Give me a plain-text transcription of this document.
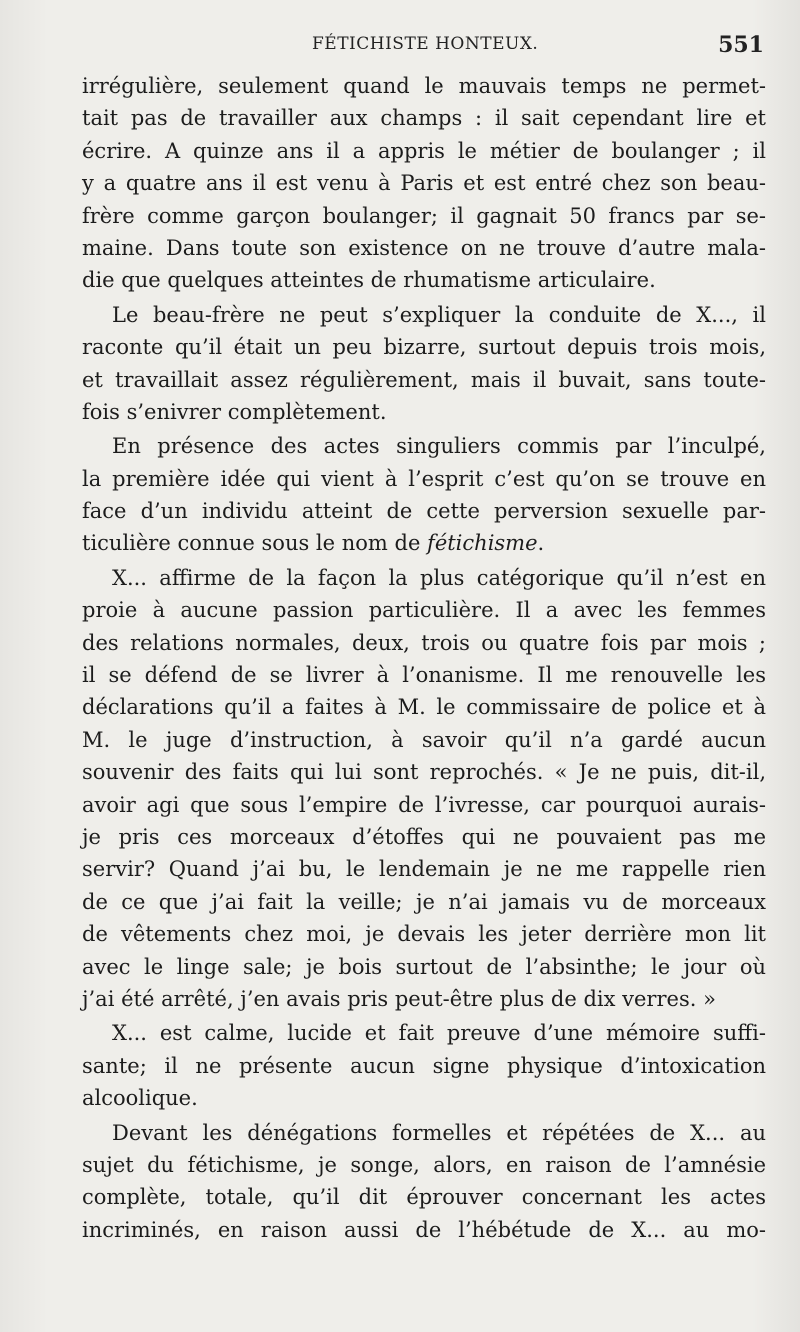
FÉTICHISTE HONTEUX.	551
irrégulière, seulement quand le mauvais temps ne permet-
tait pas de travailler aux champs : il sait cependant lire et
écrire. A quinze ans il a appris le métier de boulanger ; il
y a quatre ans il est venu à Paris et est entré chez son beau-
frère comme garçon boulanger; il gagnait 50 francs par se-
maine. Dans toute son existence on ne trouve d’autre mala-
die que quelques atteintes de rhumatisme articulaire.
Le beau-frère ne peut s’expliquer la conduite de X..., il
raconte qu’il était un peu bizarre, surtout depuis trois mois,
et travaillait assez régulièrement, mais il buvait, sans toute-
fois s’enivrer complètement.
En présence des actes singuliers commis par l’inculpé,
la première idée qui vient à l’esprit c’est qu’on se trouve en
face d’un individu atteint de cette perversion sexuelle par-
ticulière connue sous le nom de fétichisme.
X... affirme de la façon la plus catégorique qu’il n’est en
proie à aucune passion particulière. Il a avec les femmes
des relations normales, deux, trois ou quatre fois par mois ;
il se défend de se livrer à l’onanisme. Il me renouvelle les
déclarations qu’il a faites à M. le commissaire de police et à
M. le juge d’instruction, à savoir qu’il n’a gardé aucun
souvenir des faits qui lui sont reprochés. « Je ne puis, dit-il,
avoir agi que sous l’empire de l’ivresse, car pourquoi aurais-
je pris ces morceaux d’étoffes qui ne pouvaient pas me
servir? Quand j’ai bu, le lendemain je ne me rappelle rien
de ce que j’ai fait la veille; je n’ai jamais vu de morceaux
de vêtements chez moi, je devais les jeter derrière mon lit
avec le linge sale; je bois surtout de l’absinthe; le jour où
j’ai été arrêté, j’en avais pris peut-être plus de dix verres. »
X... est calme, lucide et fait preuve d’une mémoire suffi-
sante; il ne présente aucun signe physique d’intoxication
alcoolique.
Devant les dénégations formelles et répétées de X... au
sujet du fétichisme, je songe, alors, en raison de l’amnésie
complète, totale, qu’il dit éprouver concernant les actes
incriminés, en raison aussi de l’hébétude de X... au mo-
